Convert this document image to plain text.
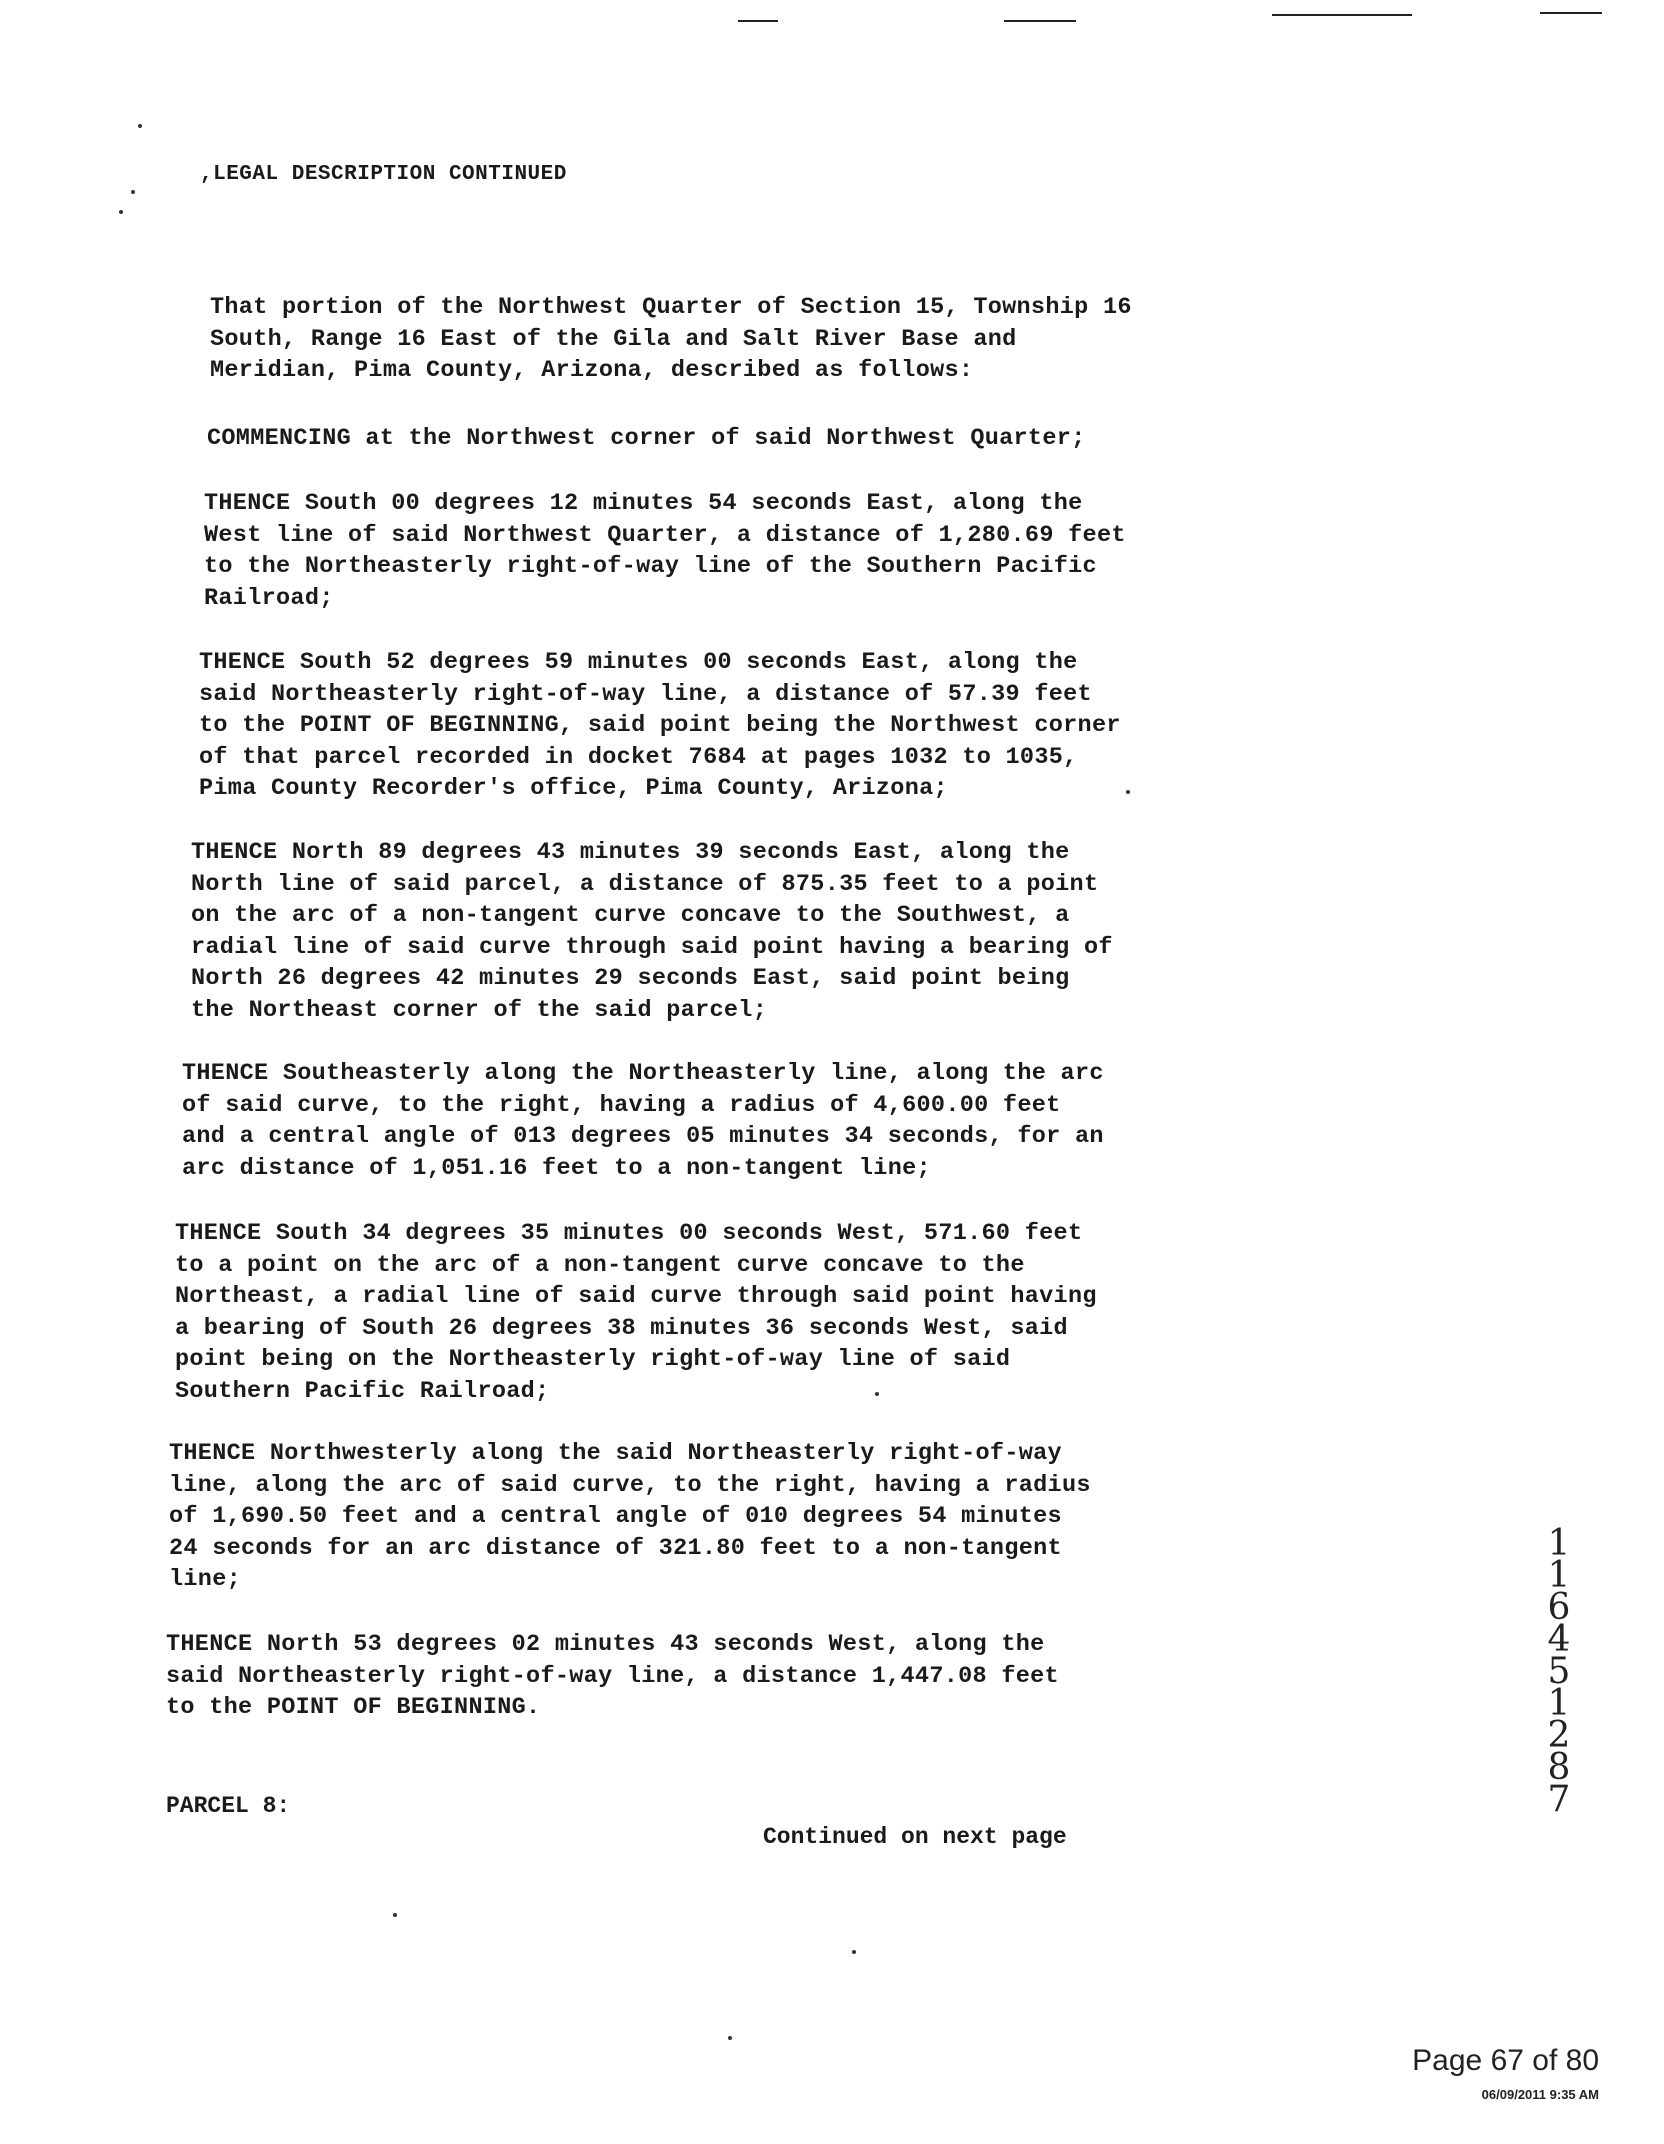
,LEGAL DESCRIPTION CONTINUED

That portion of the Northwest Quarter of Section 15, Township 16
South, Range 16 East of the Gila and Salt River Base and
Meridian, Pima County, Arizona, described as follows:

COMMENCING at the Northwest corner of said Northwest Quarter;

THENCE South 00 degrees 12 minutes 54 seconds East, along the
West line of said Northwest Quarter, a distance of 1,280.69 feet
to the Northeasterly right-of-way line of the Southern Pacific
Railroad;

THENCE South 52 degrees 59 minutes 00 seconds East, along the
said Northeasterly right-of-way line, a distance of 57.39 feet
to the POINT OF BEGINNING, said point being the Northwest corner
of that parcel recorded in docket 7684 at pages 1032 to 1035,
Pima County Recorder's office, Pima County, Arizona;

THENCE North 89 degrees 43 minutes 39 seconds East, along the
North line of said parcel, a distance of 875.35 feet to a point
on the arc of a non-tangent curve concave to the Southwest, a
radial line of said curve through said point having a bearing of
North 26 degrees 42 minutes 29 seconds East, said point being
the Northeast corner of the said parcel;

THENCE Southeasterly along the Northeasterly line, along the arc
of said curve, to the right, having a radius of 4,600.00 feet
and a central angle of 013 degrees 05 minutes 34 seconds, for an
arc distance of 1,051.16 feet to a non-tangent line;

THENCE South 34 degrees 35 minutes 00 seconds West, 571.60 feet
to a point on the arc of a non-tangent curve concave to the
Northeast, a radial line of said curve through said point having
a bearing of South 26 degrees 38 minutes 36 seconds West, said
point being on the Northeasterly right-of-way line of said
Southern Pacific Railroad;

THENCE Northwesterly along the said Northeasterly right-of-way
line, along the arc of said curve, to the right, having a radius
of 1,690.50 feet and a central angle of 010 degrees 54 minutes
24 seconds for an arc distance of 321.80 feet to a non-tangent
line;

THENCE North 53 degrees 02 minutes 43 seconds West, along the
said Northeasterly right-of-way line, a distance 1,447.08 feet
to the POINT OF BEGINNING.

PARCEL 8:
Continued on next page
1
1
6
4
5
1
2
8
7
Page 67 of 80
06/09/2011 9:35 AM
